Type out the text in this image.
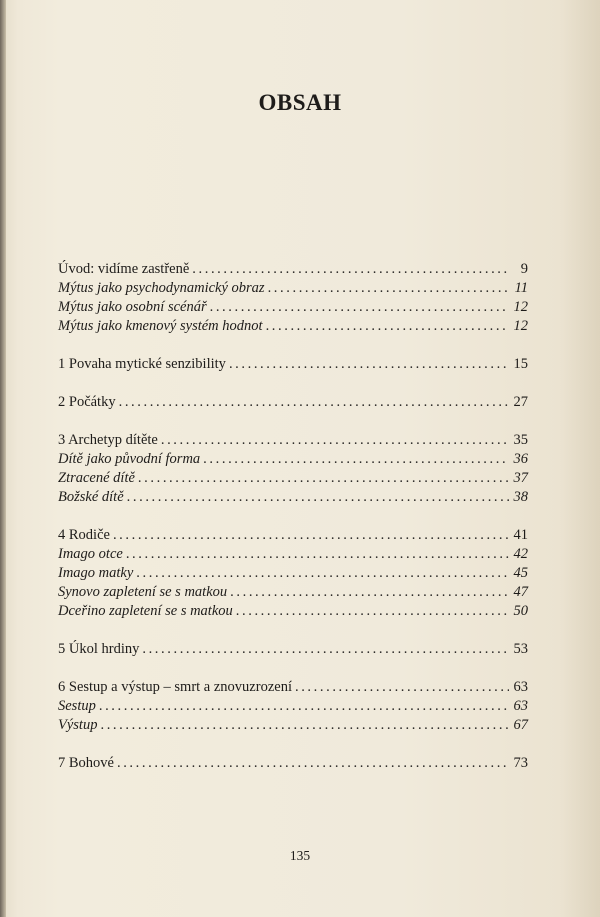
OBSAH
Úvod: vidíme zastřeně .....	9
Mýtus jako psychodynamický obraz .....	11
Mýtus jako osobní scénář .....	12
Mýtus jako kmenový systém hodnot .....	12
1 Povaha mytické senzibility .....	15
2 Počátky .....	27
3 Archetyp dítěte .....	35
Dítě jako původní forma .....	36
Ztracené dítě .....	37
Božské dítě .....	38
4 Rodiče .....	41
Imago otce .....	42
Imago matky .....	45
Synovo zapletení se s matkou .....	47
Dceřino zapletení se s matkou .....	50
5 Úkol hrdiny .....	53
6 Sestup a výstup – smrt a znovuzrození .....	63
Sestup .....	63
Výstup .....	67
7 Bohové .....	73
135
